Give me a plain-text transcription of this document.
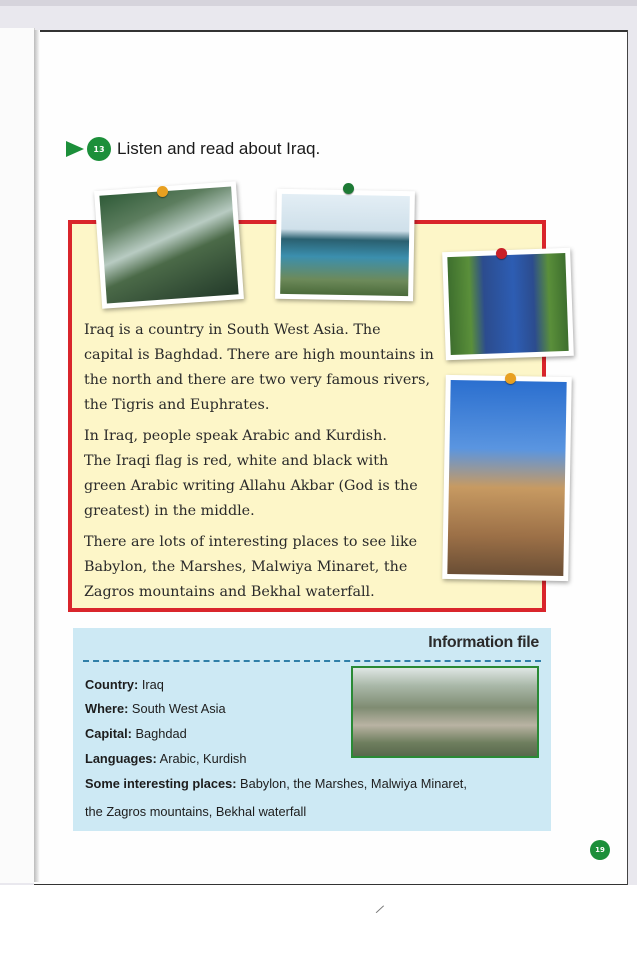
13 Listen and read about Iraq.

Iraq is a country in South West Asia. The
capital is Baghdad. There are high mountains in
the north and there are two very famous rivers,
the Tigris and Euphrates.

In Iraq, people speak Arabic and Kurdish.
The Iraqi flag is red, white and black with
green Arabic writing Allahu Akbar (God is the
greatest) in the middle.

There are lots of interesting places to see like
Babylon, the Marshes, Malwiya Minaret, the
Zagros mountains and Bekhal waterfall.

Information file
Country: Iraq
Where: South West Asia
Capital: Baghdad
Languages: Arabic, Kurdish
Some interesting places: Babylon, the Marshes, Malwiya Minaret,
the Zagros mountains, Bekhal waterfall
19
/
